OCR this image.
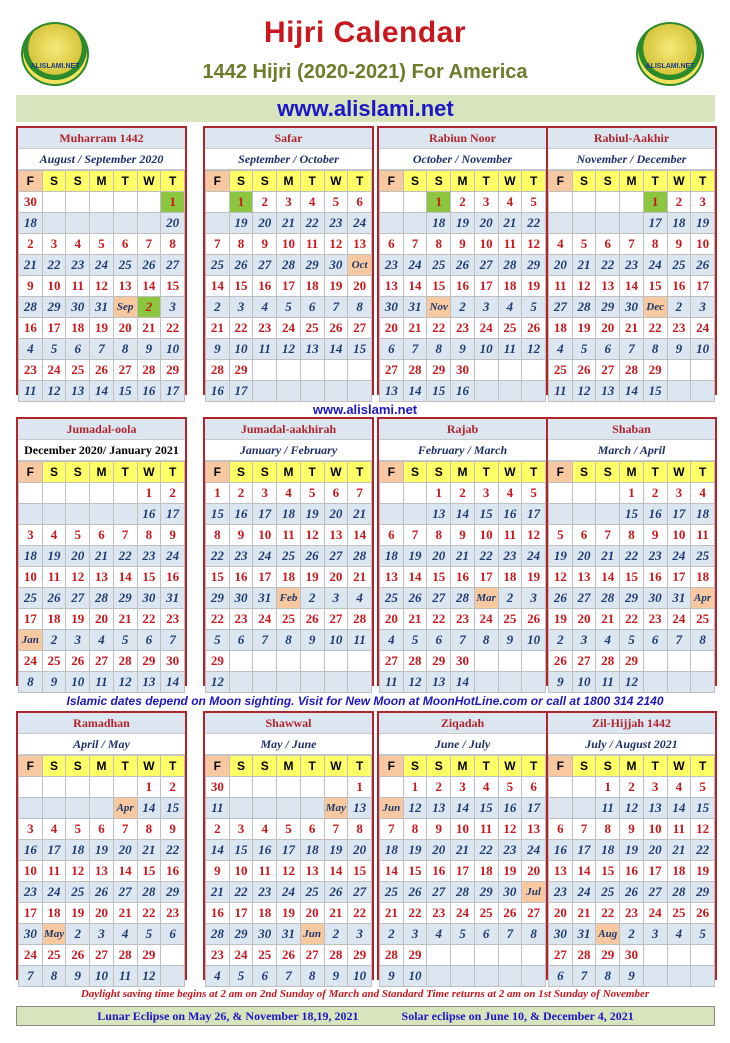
ALISLAMI.NET
Hijri Calendar
1442 Hijri (2020-2021) For America	ALISLAMI.NET
www.alislami.net
Muharram 1442
August / September 2020
F	S	S	M	T	W	T
30						1
18						20
2	3	4	5	6	7	8
21	22	23	24	25	26	27
9	10	11	12	13	14	15
28	29	30	31	Sep	2	3
16	17	18	19	20	21	22
4	5	6	7	8	9	10
23	24	25	26	27	28	29
11	12	13	14	15	16	17
Safar
September / October
F	S	S	M	T	W	T
	1	2	3	4	5	6
	19	20	21	22	23	24
7	8	9	10	11	12	13
25	26	27	28	29	30	Oct
14	15	16	17	18	19	20
2	3	4	5	6	7	8
21	22	23	24	25	26	27
9	10	11	12	13	14	15
28	29					
16	17					
Rabiun Noor
October / November
F	S	S	M	T	W	T
		1	2	3	4	5
		18	19	20	21	22
6	7	8	9	10	11	12
23	24	25	26	27	28	29
13	14	15	16	17	18	19
30	31	Nov	2	3	4	5
20	21	22	23	24	25	26
6	7	8	9	10	11	12
27	28	29	30			
13	14	15	16			
Rabiul-Aakhir
November / December
F	S	S	M	T	W	T
				1	2	3
				17	18	19
4	5	6	7	8	9	10
20	21	22	23	24	25	26
11	12	13	14	15	16	17
27	28	29	30	Dec	2	3
18	19	20	21	22	23	24
4	5	6	7	8	9	10
25	26	27	28	29		
11	12	13	14	15		
Jumadal-oola
December 2020/ January 2021
F	S	S	M	T	W	T
					1	2
					16	17
3	4	5	6	7	8	9
18	19	20	21	22	23	24
10	11	12	13	14	15	16
25	26	27	28	29	30	31
17	18	19	20	21	22	23
Jan	2	3	4	5	6	7
24	25	26	27	28	29	30
8	9	10	11	12	13	14
Jumadal-aakhirah
January / February
F	S	S	M	T	W	T
1	2	3	4	5	6	7
15	16	17	18	19	20	21
8	9	10	11	12	13	14
22	23	24	25	26	27	28
15	16	17	18	19	20	21
29	30	31	Feb	2	3	4
22	23	24	25	26	27	28
5	6	7	8	9	10	11
29						
12						
Rajab
February / March
F	S	S	M	T	W	T
		1	2	3	4	5
		13	14	15	16	17
6	7	8	9	10	11	12
18	19	20	21	22	23	24
13	14	15	16	17	18	19
25	26	27	28	Mar	2	3
20	21	22	23	24	25	26
4	5	6	7	8	9	10
27	28	29	30			
11	12	13	14			
Shaban
March / April
F	S	S	M	T	W	T
			1	2	3	4
			15	16	17	18
5	6	7	8	9	10	11
19	20	21	22	23	24	25
12	13	14	15	16	17	18
26	27	28	29	30	31	Apr
19	20	21	22	23	24	25
2	3	4	5	6	7	8
26	27	28	29			
9	10	11	12			
Ramadhan
April / May
F	S	S	M	T	W	T
					1	2
				Apr	14	15
3	4	5	6	7	8	9
16	17	18	19	20	21	22
10	11	12	13	14	15	16
23	24	25	26	27	28	29
17	18	19	20	21	22	23
30	May	2	3	4	5	6
24	25	26	27	28	29	
7	8	9	10	11	12	
Shawwal
May / June
F	S	S	M	T	W	T
30						1
11					May	13
2	3	4	5	6	7	8
14	15	16	17	18	19	20
9	10	11	12	13	14	15
21	22	23	24	25	26	27
16	17	18	19	20	21	22
28	29	30	31	Jun	2	3
23	24	25	26	27	28	29
4	5	6	7	8	9	10
Ziqadah
June / July
F	S	S	M	T	W	T
	1	2	3	4	5	6
Jun	12	13	14	15	16	17
7	8	9	10	11	12	13
18	19	20	21	22	23	24
14	15	16	17	18	19	20
25	26	27	28	29	30	Jul
21	22	23	24	25	26	27
2	3	4	5	6	7	8
28	29					
9	10					
Zil-Hijjah 1442
July / August 2021
F	S	S	M	T	W	T
		1	2	3	4	5
		11	12	13	14	15
6	7	8	9	10	11	12
16	17	18	19	20	21	22
13	14	15	16	17	18	19
23	24	25	26	27	28	29
20	21	22	23	24	25	26
30	31	Aug	2	3	4	5
27	28	29	30			
6	7	8	9			
www.alislami.net
Islamic dates depend on Moon sighting. Visit for New Moon at MoonHotLine.com or call at 1800 314 2140
Daylight saving time begins at 2 am on 2nd Sunday of March and Standard Time returns at 2 am on 1st Sunday of November
Lunar Eclipse on May 26, & November 18,19, 2021	Solar eclipse on June 10, & December 4, 2021
